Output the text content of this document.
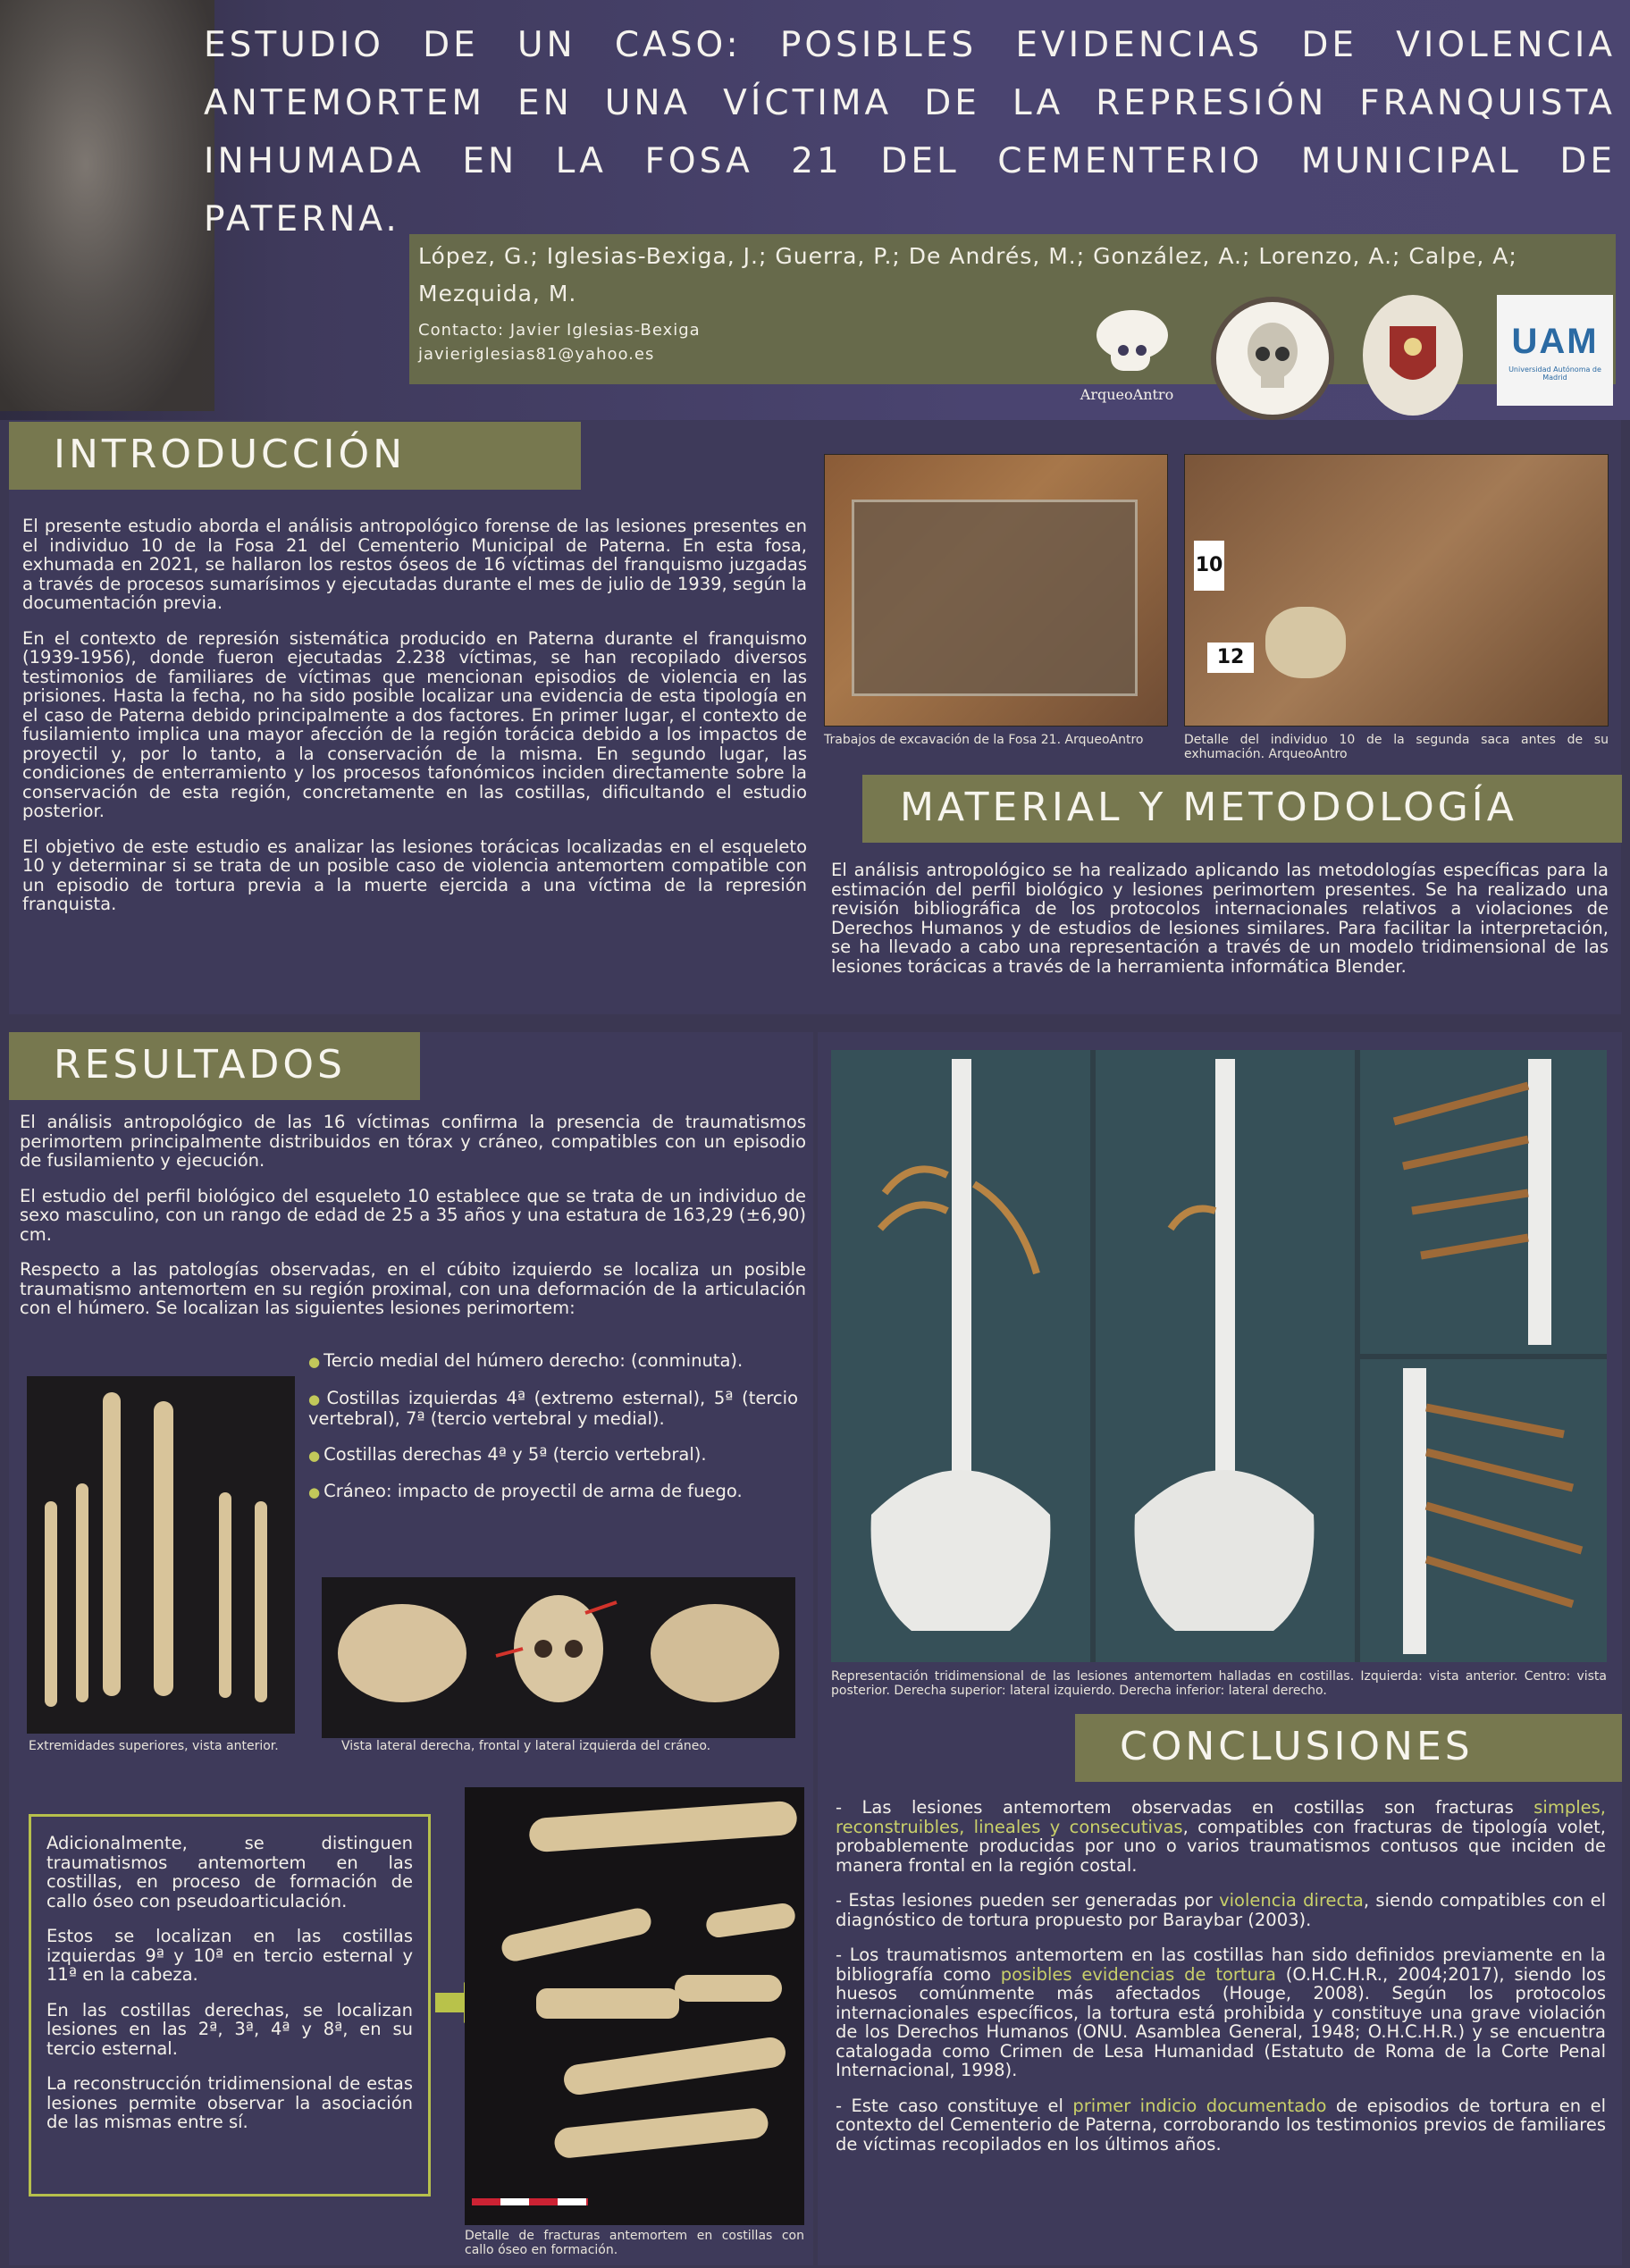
ESTUDIO DE UN CASO: POSIBLES EVIDENCIAS DE VIOLENCIA ANTEMORTEM EN UNA VÍCTIMA DE LA REPRESIÓN FRANQUISTA INHUMADA EN LA FOSA 21 DEL CEMENTERIO MUNICIPAL DE PATERNA.
López, G.; Iglesias-Bexiga, J.; Guerra, P.; De Andrés, M.; González, A.; Lorenzo, A.; Calpe, A; Mezquida, M.
Contacto: Javier Iglesias-Bexiga
javieriglesias81@yahoo.es
ArqueoAntro
UAM
Universidad Autónoma de Madrid
INTRODUCCIÓN

El presente estudio aborda el análisis antropológico forense de las lesiones presentes en el individuo 10 de la Fosa 21 del Cementerio Municipal de Paterna. En esta fosa, exhumada en 2021, se hallaron los restos óseos de 16 víctimas del franquismo juzgadas a través de procesos sumarísimos y ejecutadas durante el mes de julio de 1939, según la documentación previa.

En el contexto de represión sistemática producido en Paterna durante el franquismo (1939-1956), donde fueron ejecutadas 2.238 víctimas, se han recopilado diversos testimonios de familiares de víctimas que mencionan episodios de violencia en las prisiones. Hasta la fecha, no ha sido posible localizar una evidencia de esta tipología en el caso de Paterna debido principalmente a dos factores. En primer lugar, el contexto de fusilamiento implica una mayor afección de la región torácica debido a los impactos de proyectil y, por lo tanto, a la conservación de la misma. En segundo lugar, las condiciones de enterramiento y los procesos tafonómicos inciden directamente sobre la conservación de esta región, concretamente en las costillas, dificultando el estudio posterior.

El objetivo de este estudio es analizar las lesiones torácicas localizadas en el esqueleto 10 y determinar si se trata de un posible caso de violencia antemortem compatible con un episodio de tortura previa a la muerte ejercida a una víctima de la represión franquista.

10
12
Trabajos de excavación de la Fosa 21. ArqueoAntro	Detalle del individuo 10 de la segunda saca antes de su exhumación. ArqueoAntro
MATERIAL Y METODOLOGÍA
El análisis antropológico se ha realizado aplicando las metodologías específicas para la estimación del perfil biológico y lesiones perimortem presentes. Se ha realizado una revisión bibliográfica de los protocolos internacionales relativos a violaciones de Derechos Humanos y de estudios de lesiones similares. Para facilitar la interpretación, se ha llevado a cabo una representación a través de un modelo tridimensional de las lesiones torácicas a través de la herramienta informática Blender.
RESULTADOS

El análisis antropológico de las 16 víctimas confirma la presencia de traumatismos perimortem principalmente distribuidos en tórax y cráneo, compatibles con un episodio de fusilamiento y ejecución.

El estudio del perfil biológico del esqueleto 10 establece que se trata de un individuo de sexo masculino, con un rango de edad de 25 a 35 años y una estatura de 163,29 (±6,90) cm.

Respecto a las patologías observadas, en el cúbito izquierdo se localiza un posible traumatismo antemortem en su región proximal, con una deformación de la articulación con el húmero. Se localizan las siguientes lesiones perimortem:

Extremidades superiores, vista anterior.
● Tercio medial del húmero derecho: (conminuta).
● Costillas izquierdas 4ª (extremo esternal), 5ª (tercio vertebral), 7ª (tercio vertebral y medial).
● Costillas derechas 4ª y 5ª (tercio vertebral).
● Cráneo: impacto de proyectil de arma de fuego.
Vista lateral derecha, frontal y lateral izquierda del cráneo.

Adicionalmente, se distinguen traumatismos antemortem en las costillas, en proceso de formación de callo óseo con pseudoarticulación.

Estos se localizan en las costillas izquierdas 9ª y 10ª en tercio esternal y 11ª en la cabeza.

En las costillas derechas, se localizan lesiones en las 2ª, 3ª, 4ª y 8ª, en su tercio esternal.

La reconstrucción tridimensional de estas lesiones permite observar la asociación de las mismas entre sí.

Detalle de fracturas antemortem en costillas con callo óseo en formación.
Representación tridimensional de las lesiones antemortem halladas en costillas. Izquierda: vista anterior. Centro: vista posterior. Derecha superior: lateral izquierdo. Derecha inferior: lateral derecho.
CONCLUSIONES

- Las lesiones antemortem observadas en costillas son fracturas simples, reconstruibles, lineales y consecutivas, compatibles con fracturas de tipología volet, probablemente producidas por uno o varios traumatismos contusos que inciden de manera frontal en la región costal.

- Estas lesiones pueden ser generadas por violencia directa, siendo compatibles con el diagnóstico de tortura propuesto por Baraybar (2003).

- Los traumatismos antemortem en las costillas han sido definidos previamente en la bibliografía como posibles evidencias de tortura (O.H.C.H.R., 2004;2017), siendo los huesos comúnmente más afectados (Houge, 2008). Según los protocolos internacionales específicos, la tortura está prohibida y constituye una grave violación de los Derechos Humanos (ONU. Asamblea General, 1948; O.H.C.H.R.) y se encuentra catalogada como Crimen de Lesa Humanidad (Estatuto de Roma de la Corte Penal Internacional, 1998).

- Este caso constituye el primer indicio documentado de episodios de tortura en el contexto del Cementerio de Paterna, corroborando los testimonios previos de familiares de víctimas recopilados en los últimos años.
